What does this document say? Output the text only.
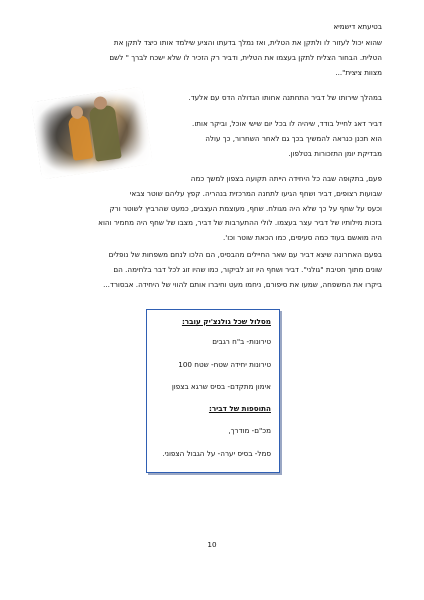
בטיעתא דישמיא

שהוא יכול לעזור לו ולתקן את הטלית, ואז נמלך בדעתו והציע שילמד אותו כיצד לתקן את
הטלית. הבחור הצליח לתקן בעצמו את הטלית, ודביר רק הזכיר לו שלא ישכח לברך " לשם
מצוות ציצית"...

במהלך שירותו של דביר התחתנה אחותו הגדולה הדס עם אלעד.

דביר דאג לחייל בודד, שיהיה לו בכל יום שישי אוכל, וביקר אותו.
הוא תכנן כנראה להמשיך בכך גם לאחר השחרור, כך עולה
מבדיקת יומן התזכורות בטלפון.

פעם, בתקופה שבה כל היחידה הייתה תקועה בצפון למשך כמה
שבועות רצופים, דביר ושחף הגיעו לתחנה המרכזית בנהריה. קפץ עליהם שוטר צבאי
וכעס על שחף על כך שלא היה מגולח. שחף, מעוצמת העצבים, כמעט שהרביץ לשוטר ורק
בזכות מילותיו של דביר עצר בעצמו. לולי ההתערבות של דביר, מצבו של שחף היה מחמיר והוא
היה מואשם בעוד כמה סעיפים, כמו הכאת שוטר וכו'.

בפעם האחרונה שיצא דביר עם שאר החיילים מהבסיס, הם הלכו לנחם משפחות של נופלים
שונים מתוך חטיבת "גולני". דביר ושחף היו זוג לביקור, כמו שהיו זוג לכל דבר בלחימה. הם
ביקרו את המשפחה, שמעו את סיפורם, ניחמו מעט וחיברו אותם להווי של היחידה. אבסורד...

מסלול שכל גולנצ'יק עובר:
טירונות- ב"ח רגבים
טירונות יחידה שטח- שטח 100
אימון מתקדם- בסיס שרגא בצפון
התוספות של דביר:
מכ"ם- מודרך,
סמל- בסיס יערה- על הגבול הצפוני.
10
